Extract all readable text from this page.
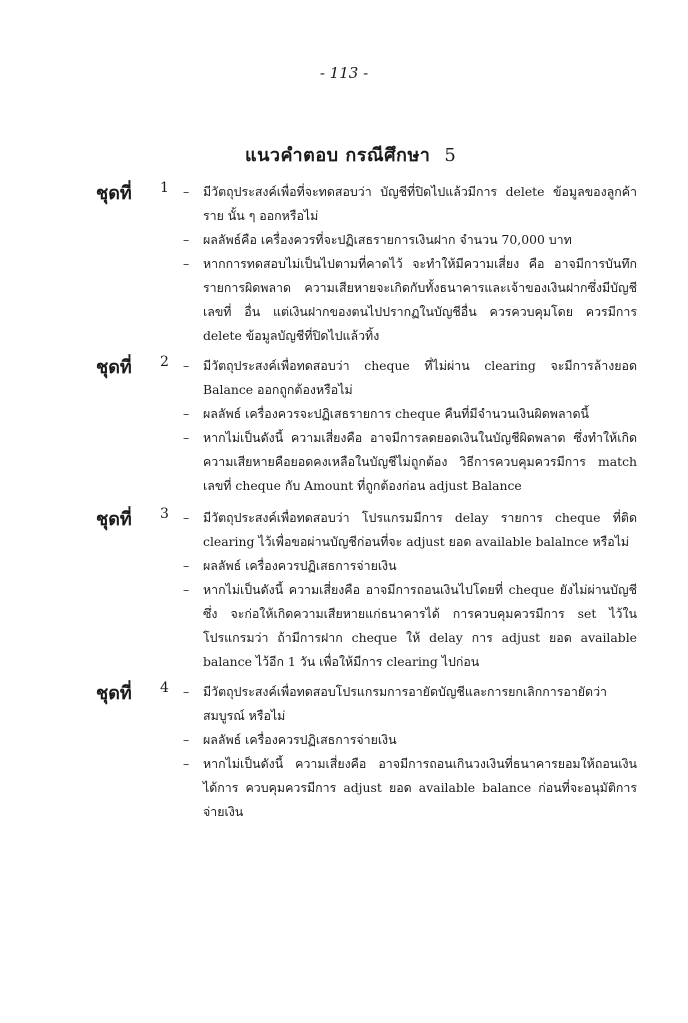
- 113 -
แนวคำตอบ กรณีศึกษา 5
ชุดที่ 1 – มีวัตถุประสงค์เพื่อที่จะทดสอบว่า บัญชีที่ปิดไปแล้วมีการ delete ข้อมูลของลูกค้าราย นั้น ๆ ออกหรือไม่
– ผลลัพธ์คือ เครื่องควรที่จะปฏิเสธรายการเงินฝาก จำนวน 70,000 บาท
– หากการทดสอบไม่เป็นไปตามที่คาดไว้ จะทำให้มีความเสี่ยง คือ อาจมีการบันทึก รายการผิดพลาด ความเสียหายจะเกิดกับทั้งธนาคารและเจ้าของเงินฝากซึ่งมีบัญชีเลขที่ อื่น แต่เงินฝากของตนไปปรากฏในบัญชีอื่น ควรควบคุมโดย ควรมีการ delete ข้อมูลบัญชีที่ปิดไปแล้วทิ้ง
ชุดที่ 2 – มีวัตถุประสงค์เพื่อทดสอบว่า cheque ที่ไม่ผ่าน clearing จะมีการล้างยอด Balance ออกถูกต้องหรือไม่
– ผลลัพธ์ เครื่องควรจะปฏิเสธรายการ cheque คืนที่มีจำนวนเงินผิดพลาดนี้
– หากไม่เป็นดังนี้ ความเสี่ยงคือ อาจมีการลดยอดเงินในบัญชีผิดพลาด ซึ่งทำให้เกิด ความเสียหายคือยอดคงเหลือในบัญชีไม่ถูกต้อง วิธีการควบคุมควรมีการ match เลขที่ cheque กับ Amount ที่ถูกต้องก่อน adjust Balance
ชุดที่ 3 – มีวัตถุประสงค์เพื่อทดสอบว่า โปรแกรมมีการ delay รายการ cheque ที่ติด clearing ไว้เพื่อขอผ่านบัญชีก่อนที่จะ adjust ยอด available balalnce หรือไม่
– ผลลัพธ์ เครื่องควรปฏิเสธการจ่ายเงิน
– หากไม่เป็นดังนี้ ความเสี่ยงคือ อาจมีการถอนเงินไปโดยที่ cheque ยังไม่ผ่านบัญชี ซึ่ง จะก่อให้เกิดความเสียหายแก่ธนาคารได้ การควบคุมควรมีการ set ไว้ในโปรแกรมว่า ถ้ามีการฝาก cheque ให้ delay การ adjust ยอด available balance ไว้อีก 1 วัน เพื่อให้มีการ clearing ไปก่อน
ชุดที่ 4 – มีวัตถุประสงค์เพื่อทดสอบโปรแกรมการอายัดบัญชีและการยกเลิกการอายัดว่า สมบูรณ์ หรือไม่
– ผลลัพธ์ เครื่องควรปฏิเสธการจ่ายเงิน
– หากไม่เป็นดังนี้ ความเสี่ยงคือ อาจมีการถอนเกินวงเงินที่ธนาคารยอมให้ถอนเงินได้การ ควบคุมควรมีการ adjust ยอด available balance ก่อนที่จะอนุมัติการจ่ายเงิน
